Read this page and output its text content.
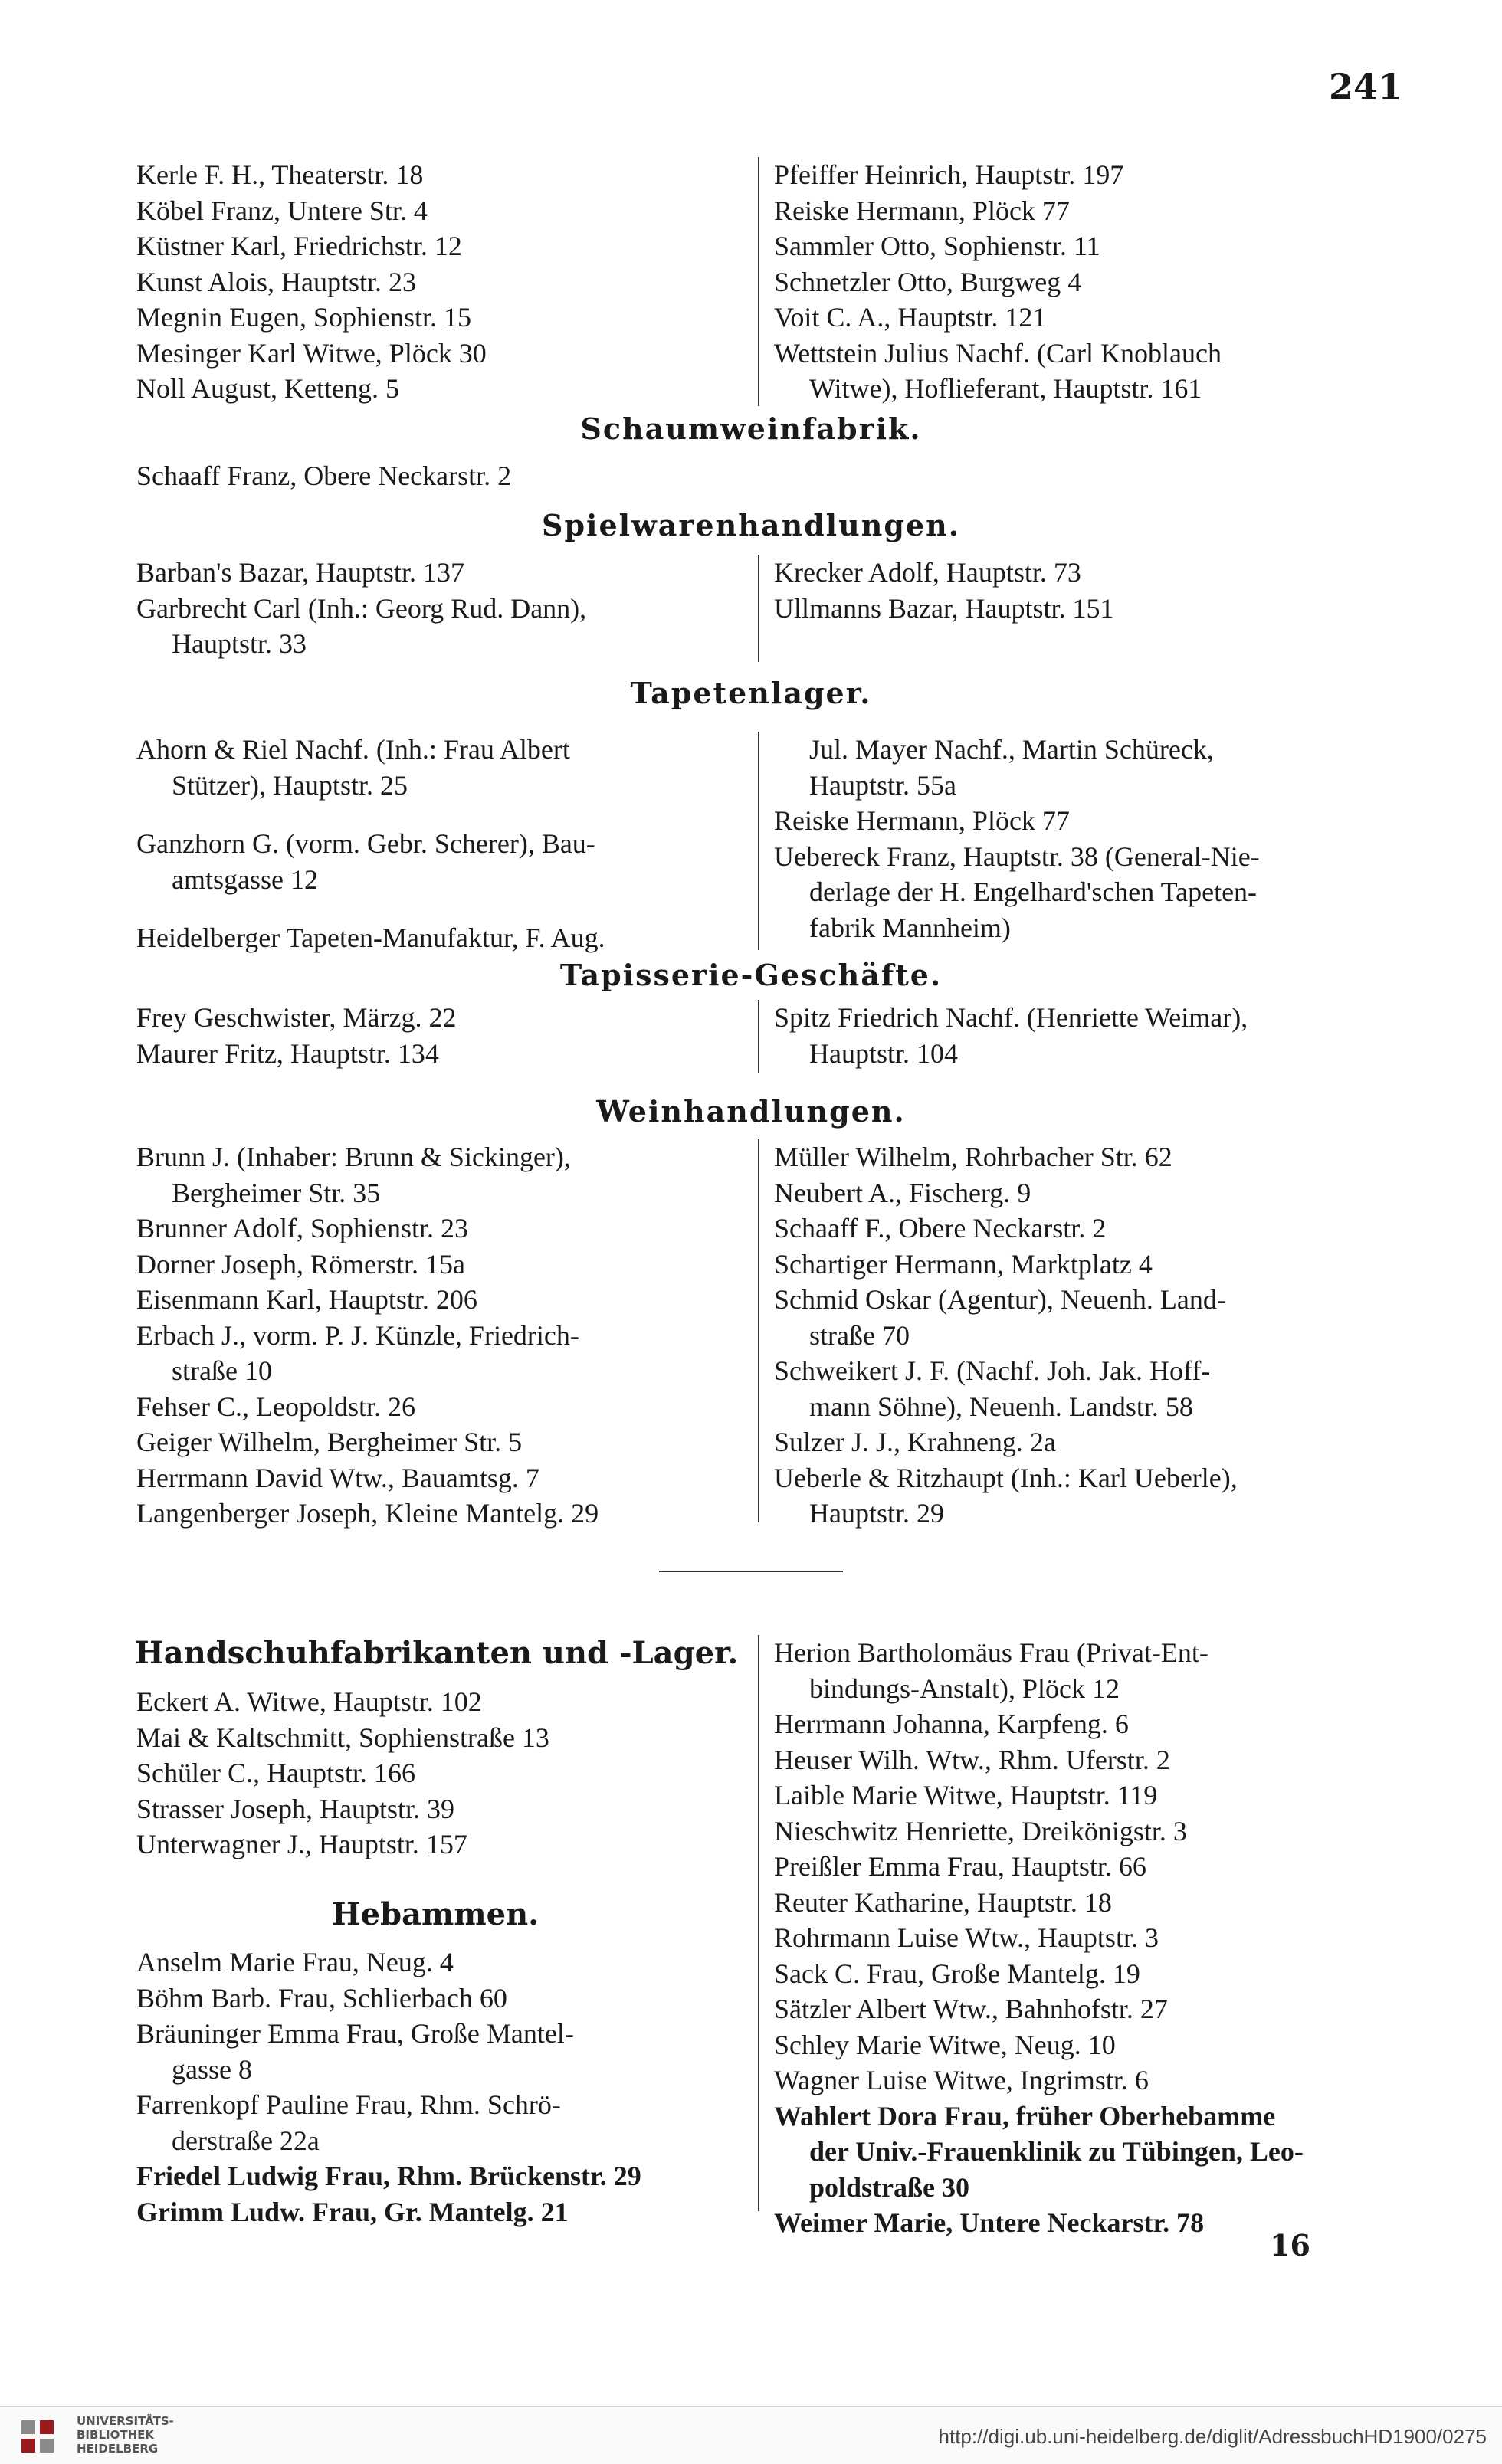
241
Kerle F. H., Theaterstr. 18
Köbel Franz, Untere Str. 4
Küstner Karl, Friedrichstr. 12
Kunst Alois, Hauptstr. 23
Megnin Eugen, Sophienstr. 15
Mesinger Karl Witwe, Plöck 30
Noll August, Ketteng. 5
Pfeiffer Heinrich, Hauptstr. 197
Reiske Hermann, Plöck 77
Sammler Otto, Sophienstr. 11
Schnetzler Otto, Burgweg 4
Voit C. A., Hauptstr. 121
Wettstein Julius Nachf. (Carl Knoblauch
Witwe), Hoflieferant, Hauptstr. 161
Schaumweinfabrik.
Schaaff Franz, Obere Neckarstr. 2
Spielwarenhandlungen.
Barban's Bazar, Hauptstr. 137
Garbrecht Carl (Inh.: Georg Rud. Dann),
Hauptstr. 33
Krecker Adolf, Hauptstr. 73
Ullmanns Bazar, Hauptstr. 151
Tapetenlager.
Ahorn & Riel Nachf. (Inh.: Frau Albert
Stützer), Hauptstr. 25
Ganzhorn G. (vorm. Gebr. Scherer), Bau-
amtsgasse 12
Heidelberger Tapeten-Manufaktur, F. Aug.
Jul. Mayer Nachf., Martin Schüreck,
Hauptstr. 55a
Reiske Hermann, Plöck 77
Uebereck Franz, Hauptstr. 38 (General-Nie-
derlage der H. Engelhard'schen Tapeten-
fabrik Mannheim)
Tapisserie-Geschäfte.
Frey Geschwister, Märzg. 22
Maurer Fritz, Hauptstr. 134
Spitz Friedrich Nachf. (Henriette Weimar),
Hauptstr. 104
Weinhandlungen.
Brunn J. (Inhaber: Brunn & Sickinger),
Bergheimer Str. 35
Brunner Adolf, Sophienstr. 23
Dorner Joseph, Römerstr. 15a
Eisenmann Karl, Hauptstr. 206
Erbach J., vorm. P. J. Künzle, Friedrich-
straße 10
Fehser C., Leopoldstr. 26
Geiger Wilhelm, Bergheimer Str. 5
Herrmann David Wtw., Bauamtsg. 7
Langenberger Joseph, Kleine Mantelg. 29
Müller Wilhelm, Rohrbacher Str. 62
Neubert A., Fischerg. 9
Schaaff F., Obere Neckarstr. 2
Schartiger Hermann, Marktplatz 4
Schmid Oskar (Agentur), Neuenh. Land-
straße 70
Schweikert J. F. (Nachf. Joh. Jak. Hoff-
mann Söhne), Neuenh. Landstr. 58
Sulzer J. J., Krahneng. 2a
Ueberle & Ritzhaupt (Inh.: Karl Ueberle),
Hauptstr. 29
Handschuhfabrikanten und -Lager.
Eckert A. Witwe, Hauptstr. 102
Mai & Kaltschmitt, Sophienstraße 13
Schüler C., Hauptstr. 166
Strasser Joseph, Hauptstr. 39
Unterwagner J., Hauptstr. 157
Hebammen.
Anselm Marie Frau, Neug. 4
Böhm Barb. Frau, Schlierbach 60
Bräuninger Emma Frau, Große Mantel-
gasse 8
Farrenkopf Pauline Frau, Rhm. Schrö-
derstraße 22a
Friedel Ludwig Frau, Rhm. Brückenstr. 29
Grimm Ludw. Frau, Gr. Mantelg. 21
Herion Bartholomäus Frau (Privat-Ent-
bindungs-Anstalt), Plöck 12
Herrmann Johanna, Karpfeng. 6
Heuser Wilh. Wtw., Rhm. Uferstr. 2
Laible Marie Witwe, Hauptstr. 119
Nieschwitz Henriette, Dreikönigstr. 3
Preißler Emma Frau, Hauptstr. 66
Reuter Katharine, Hauptstr. 18
Rohrmann Luise Wtw., Hauptstr. 3
Sack C. Frau, Große Mantelg. 19
Sätzler Albert Wtw., Bahnhofstr. 27
Schley Marie Witwe, Neug. 10
Wagner Luise Witwe, Ingrimstr. 6
Wahlert Dora Frau, früher Oberhebamme
der Univ.-Frauenklinik zu Tübingen, Leo-
poldstraße 30
Weimer Marie, Untere Neckarstr. 78
16
UNIVERSITÄTS-
BIBLIOTHEK
HEIDELBERG
http://digi.ub.uni-heidelberg.de/diglit/AdressbuchHD1900/0275
